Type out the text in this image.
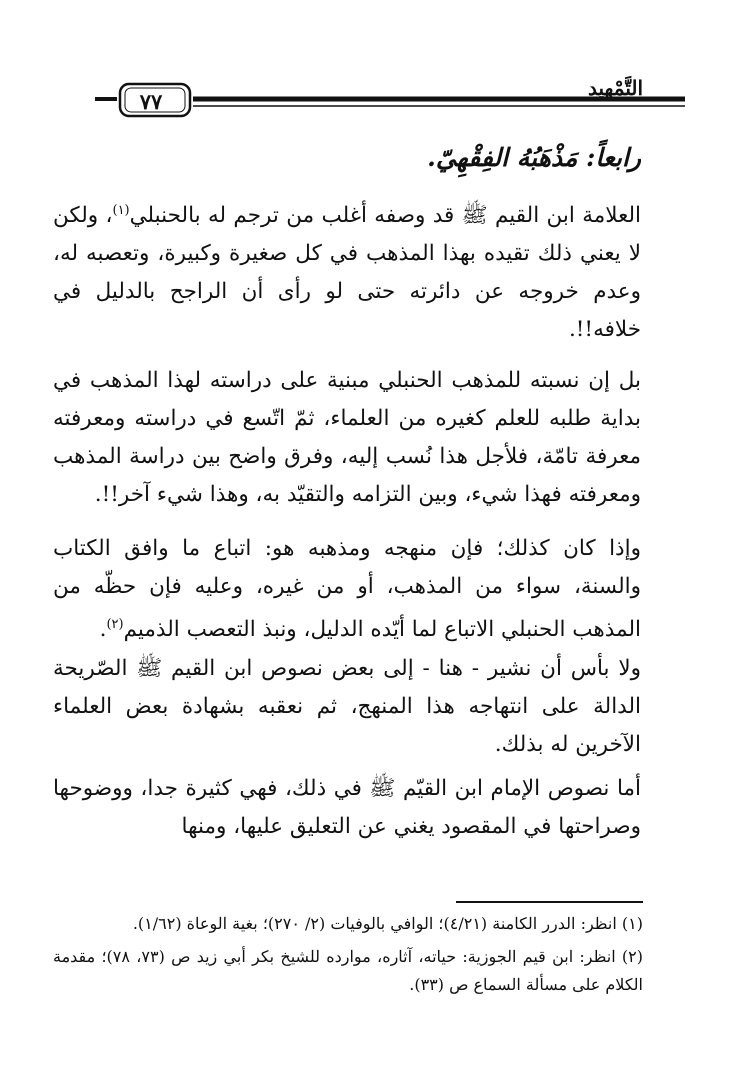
التَّمْهيد
٧٧
رابعاً: مَذْهَبُهُ الفِقْهِيّ.

العلامة ابن القيم ﷺ قد وصفه أغلب من ترجم له بالحنبلي$^{(١)}$، ولكن لا يعني ذلك تقيده بهذا المذهب في كل صغيرة وكبيرة، وتعصبه له، وعدم خروجه عن دائرته حتى لو رأى أن الراجح بالدليل في خلافه!!.

بل إن نسبته للمذهب الحنبلي مبنية على دراسته لهذا المذهب في بداية طلبه للعلم كغيره من العلماء، ثمّ اتّسع في دراسته ومعرفته معرفة تامّة، فلأجل هذا نُسب إليه، وفرق واضح بين دراسة المذهب ومعرفته فهذا شيء، وبين التزامه والتقيّد به، وهذا شيء آخر!!.

وإذا كان كذلك؛ فإن منهجه ومذهبه هو: اتباع ما وافق الكتاب والسنة، سواء من المذهب، أو من غيره، وعليه فإن حظّه من المذهب الحنبلي الاتباع لما أيّده الدليل، ونبذ التعصب الذميم$^{(٢)}$.

ولا بأس أن نشير - هنا - إلى بعض نصوص ابن القيم ﷺ الصّريحة الدالة على انتهاجه هذا المنهج، ثم نعقبه بشهادة بعض العلماء الآخرين له بذلك.

أما نصوص الإمام ابن القيّم ﷺ في ذلك، فهي كثيرة جدا، ووضوحها وصراحتها في المقصود يغني عن التعليق عليها، ومنها

(١) انظر: الدرر الكامنة (٤/٢١)؛ الوافي بالوفيات (٢/ ٢٧٠)؛ بغية الوعاة (١/٦٢).

(٢) انظر: ابن قيم الجوزية: حياته، آثاره، موارده للشيخ بكر أبي زيد ص (٧٣، ٧٨)؛ مقدمة الكلام على مسألة السماع ص (٣٣).
